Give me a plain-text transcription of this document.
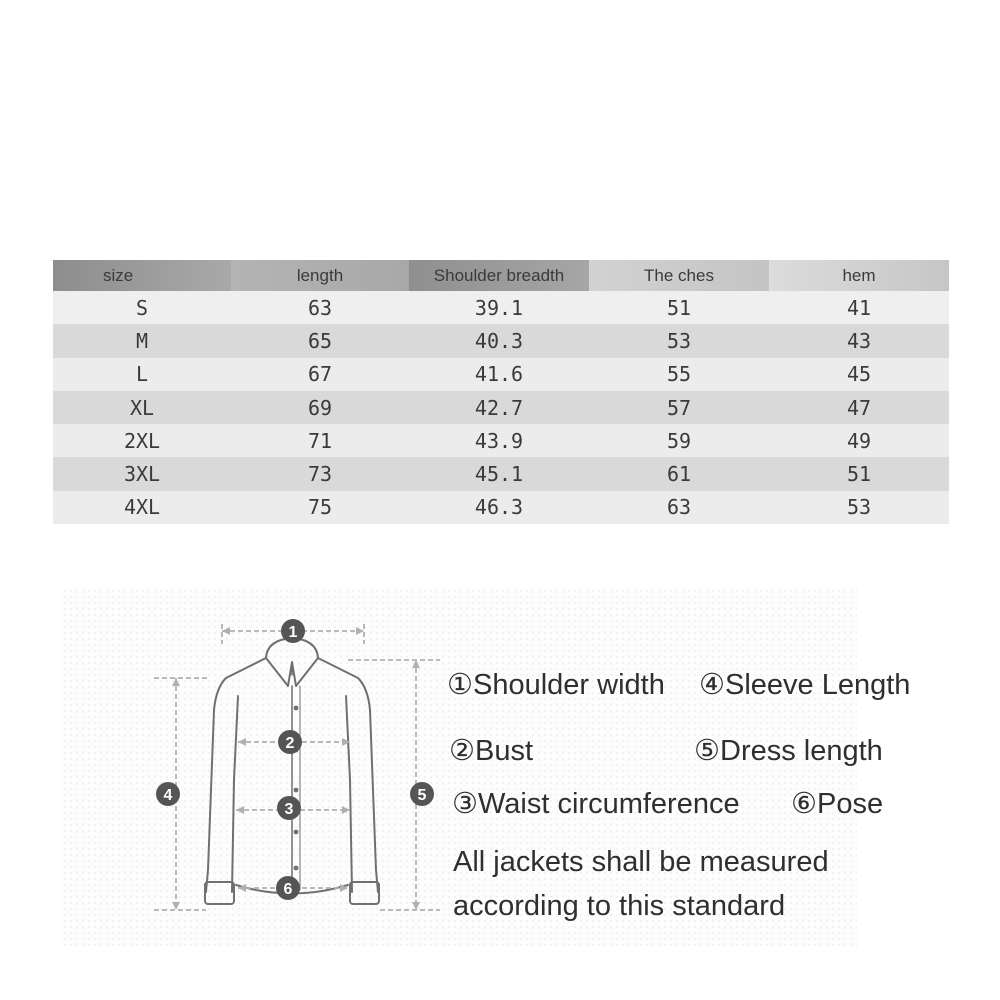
size	length	Shoulder breadth	The ches	hem
S	63	39.1	51	41
M	65	40.3	53	43
L	67	41.6	55	45
XL	69	42.7	57	47
2XL	71	43.9	59	49
3XL	73	45.1	61	51
4XL	75	46.3	63	53
1
2
3
4	5
6
①Shoulder width ④Sleeve Length
②Bust	⑤Dress length
③Waist circumference ⑥Pose
All jackets shall be measured
according to this standard
